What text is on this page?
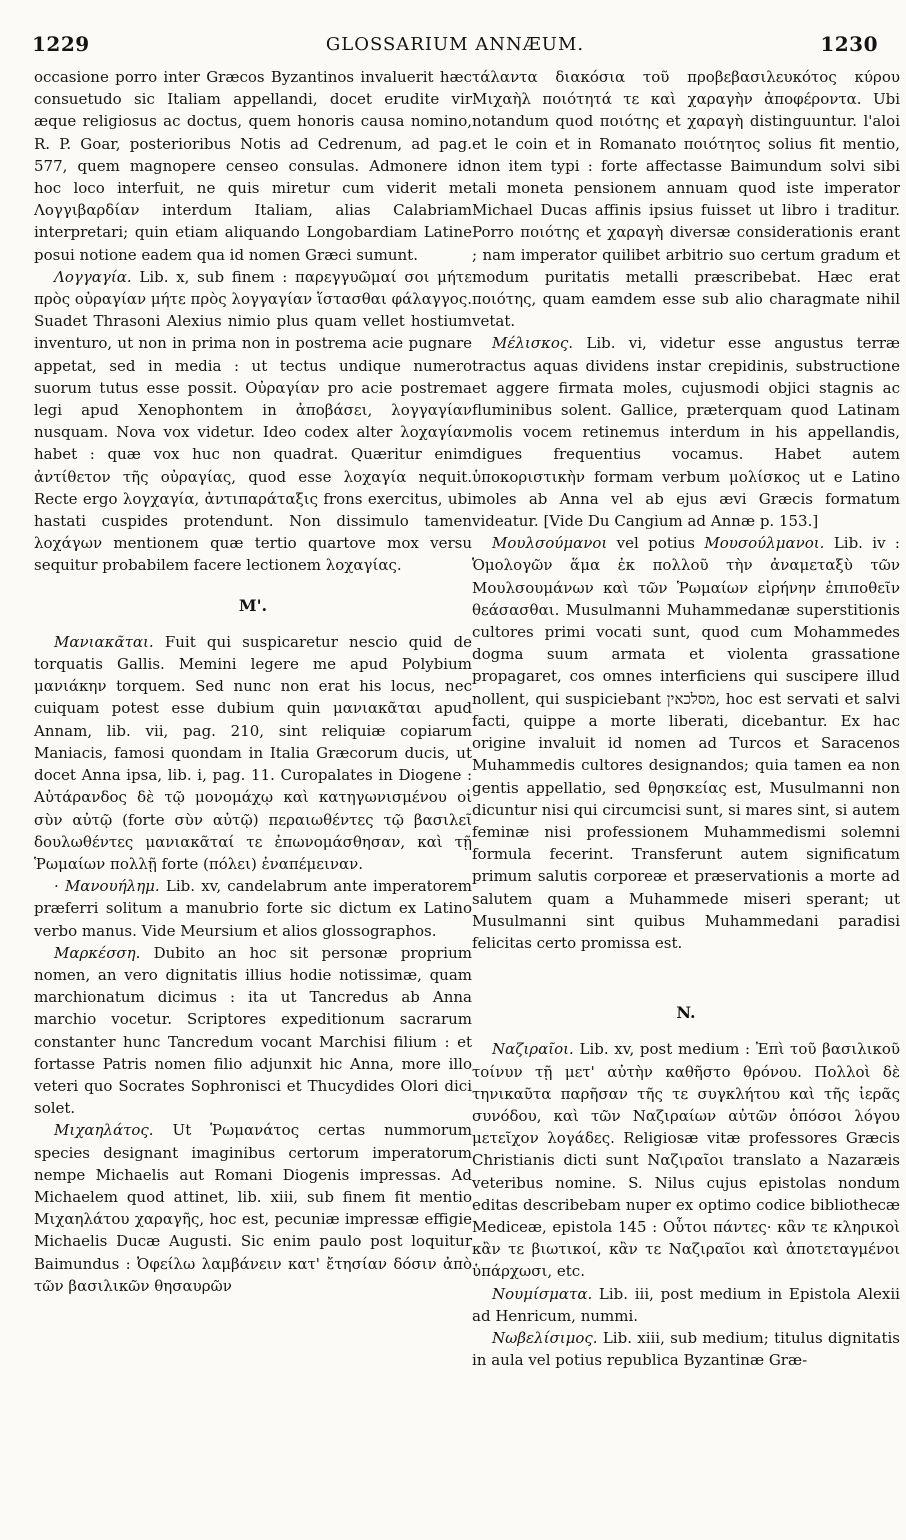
1229	GLOSSARIUM ANNÆUM.	1230

occasione porro inter Græcos Byzantinos invaluerit hæc consuetudo sic Italiam appellandi, docet erudite vir æque religiosus ac doctus, quem honoris causa nomino, R. P. Goar, posterioribus Notis ad Cedrenum, ad pag. 577, quem magnopere censeo consulas. Admonere id hoc loco interfuit, ne quis miretur cum viderit me Λογγιβαρδίαν interdum Italiam, alias Calabriam interpretari; quin etiam aliquando Longobardiam Latine posui notione eadem qua id nomen Græci sumunt.

Λογγαγία. Lib. x, sub finem : παρεγγυῶμαί σοι μήτε πρὸς οὐραγίαν μήτε πρὸς λογγαγίαν ἵστασθαι φάλαγγος. Suadet Thrasoni Alexius nimio plus quam vellet hostium inventuro, ut non in prima non in postrema acie pugnare appetat, sed in media : ut tectus undique numero suorum tutus esse possit. Οὐραγίαν pro acie postrema legi apud Xenophontem in ἀποβάσει, λογγαγίαν nusquam. Nova vox videtur. Ideo codex alter λοχαγίαν habet : quæ vox huc non quadrat. Quæritur enim ἀντίθετον τῆς οὐραγίας, quod esse λοχαγία nequit. Recte ergo λογχαγία, ἀντιπαράταξις frons exercitus, ubi hastati cuspides protendunt. Non dissimulo tamen λοχάγων mentionem quæ tertio quartove mox versu sequitur probabilem facere lectionem λοχαγίας.

M'.

Μανιακᾶται. Fuit qui suspicaretur nescio quid de torquatis Gallis. Memini legere me apud Polybium μανιάκην torquem. Sed nunc non erat his locus, nec cuiquam potest esse dubium quin μανιακᾶται apud Annam, lib. vii, pag. 210, sint reliquiæ copiarum Maniacis, famosi quondam in Italia Græcorum ducis, ut docet Anna ipsa, lib. i, pag. 11. Curopalates in Diogene : Αὐτάρανδος δὲ τῷ μονομάχῳ καὶ κατηγωνισμένου οἱ σὺν αὐτῷ (forte σὺν αὐτῷ) περαιωθέντες τῷ βασιλεῖ δουλωθέντες μανιακᾶταί τε ἐπωνομάσθησαν, καὶ τῇ Ῥωμαίων πολλῇ forte (πόλει) ἐναπέμειναν.

· Μανουήλημ. Lib. xv, candelabrum ante imperatorem præferri solitum a manubrio forte sic dictum ex Latino verbo manus. Vide Meursium et alios glossographos.

Μαρκέσση. Dubito an hoc sit personæ proprium nomen, an vero dignitatis illius hodie notissimæ, quam marchionatum dicimus : ita ut Tancredus ab Anna marchio vocetur. Scriptores expeditionum sacrarum constanter hunc Tancredum vocant Marchisi filium : et fortasse Patris nomen filio adjunxit hic Anna, more illo veteri quo Socrates Sophronisci et Thucydides Olori dici solet.

Μιχαηλάτος. Ut Ῥωμανάτος certas nummorum species designant imaginibus certorum imperatorum nempe Michaelis aut Romani Diogenis impressas. Ad Michaelem quod attinet, lib. xiii, sub finem fit mentio Μιχαηλάτου χαραγῆς, hoc est, pecuniæ impressæ effigie Michaelis Ducæ Augusti. Sic enim paulo post loquitur Baimundus : Ὀφείλω λαμβάνειν κατ' ἔτησίαν δόσιν ἀπὸ τῶν βασιλικῶν θησαυρῶν

τάλαντα διακόσια τοῦ προβεβασιλευκότος κύρου Μιχαὴλ ποιότητά τε καὶ χαραγὴν ἀποφέροντα. Ubi notandum quod ποιότης et χαραγὴ distinguuntur. l'aloi et le coin et in Romanato ποιότητος solius fit mentio, non item typi : forte affectasse Baimundum solvi sibi tali moneta pensionem annuam quod iste imperator Michael Ducas affinis ipsius fuisset ut libro i traditur. Porro ποιότης et χαραγὴ diversæ considerationis erant ; nam imperator quilibet arbitrio suo certum gradum et modum puritatis metalli præscribebat. Hæc erat ποιότης, quam eamdem esse sub alio charagmate nihil vetat.

Μέλισκος. Lib. vi, videtur esse angustus terræ tractus aquas dividens instar crepidinis, substructione et aggere firmata moles, cujusmodi objici stagnis ac fluminibus solent. Gallice, præterquam quod Latinam molis vocem retinemus interdum in his appellandis, digues frequentius vocamus. Habet autem ὑποκοριστικὴν formam verbum μολίσκος ut e Latino moles ab Anna vel ab ejus ævi Græcis formatum videatur. [Vide Du Cangium ad Annæ p. 153.]

Μουλσούμανοι vel potius Μουσούλμανοι. Lib. iv : Ὁμολογῶν ἅμα ἐκ πολλοῦ τὴν ἀναμεταξὺ τῶν Μουλσουμάνων καὶ τῶν Ῥωμαίων εἰρήνην ἐπιπoθεῖν θεάσασθαι. Musulmanni Muhammedanæ superstitionis cultores primi vocati sunt, quod cum Mohammedes dogma suum armata et violenta grassatione propagaret, cos omnes interficiens qui suscipere illud nollent, qui suspiciebant מסלכאין, hoc est servati et salvi facti, quippe a morte liberati, dicebantur. Ex hac origine invaluit id nomen ad Turcos et Saracenos Muhammedis cultores designandos; quia tamen ea non gentis appellatio, sed θρησκείας est, Musulmanni non dicuntur nisi qui circumcisi sunt, si mares sint, si autem feminæ nisi professionem Muhammedismi solemni formula fecerint. Transferunt autem significatum primum salutis corporeæ et præservationis a morte ad salutem quam a Muhammede miseri sperant; ut Musulmanni sint quibus Muhammedani paradisi felicitas certo promissa est.

N.

Ναζιραῖοι. Lib. xv, post medium : Ἐπὶ τοῦ βασιλικοῦ τοίνυν τῇ μετ' αὐτὴν καθῆστο θρόνου. Πολλοὶ δὲ τηνικαῦτα παρῆσαν τῆς τε συγκλήτου καὶ τῆς ἱερᾶς συνόδου, καὶ τῶν Ναζιραίων αὐτῶν ὁπόσοι λόγου μετεῖχον λογάδες. Religiosæ vitæ professores Græcis Christianis dicti sunt Ναζιραῖοι translato a Nazaræis veteribus nomine. S. Nilus cujus epistolas nondum editas describebam nuper ex optimo codice bibliothecæ Mediceæ, epistola 145 : Οὗτοι πάντες· κἂν τε κληρικοὶ κἂν τε βιωτικοί, κἂν τε Ναζιραῖοι καὶ ἀποτεταγμένοι ὑπάρχωσι, etc.

Νουμίσματα. Lib. iii, post medium in Epistola Alexii ad Henricum, nummi.

Νωβελίσιμος. Lib. xiii, sub medium; titulus dignitatis in aula vel potius republica Byzantinæ Græ-
